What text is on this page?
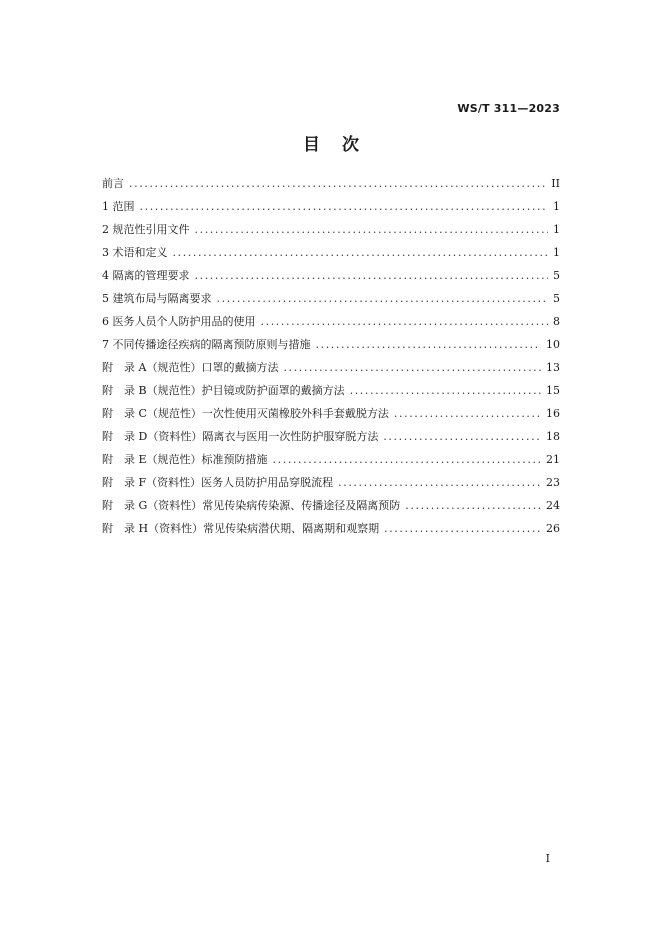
WS/T 311—2023
目 次
前言 .....	II
1 范围 .....	1
2 规范性引用文件 .....	1
3 术语和定义 .....	1
4 隔离的管理要求 .....	5
5 建筑布局与隔离要求 .....	5
6 医务人员个人防护用品的使用 .....	8
7 不同传播途径疾病的隔离预防原则与措施 .....	10
附　录 A（规范性）口罩的戴摘方法 .....	13
附　录 B（规范性）护目镜或防护面罩的戴摘方法 .....	15
附　录 C（规范性）一次性使用灭菌橡胶外科手套戴脱方法 .....	16
附　录 D（资料性）隔离衣与医用一次性防护服穿脱方法 .....	18
附　录 E（规范性）标准预防措施 .....	21
附　录 F（资料性）医务人员防护用品穿脱流程 .....	23
附　录 G（资料性）常见传染病传染源、传播途径及隔离预防 .....	24
附　录 H（资料性）常见传染病潜伏期、隔离期和观察期 .....	26
I
